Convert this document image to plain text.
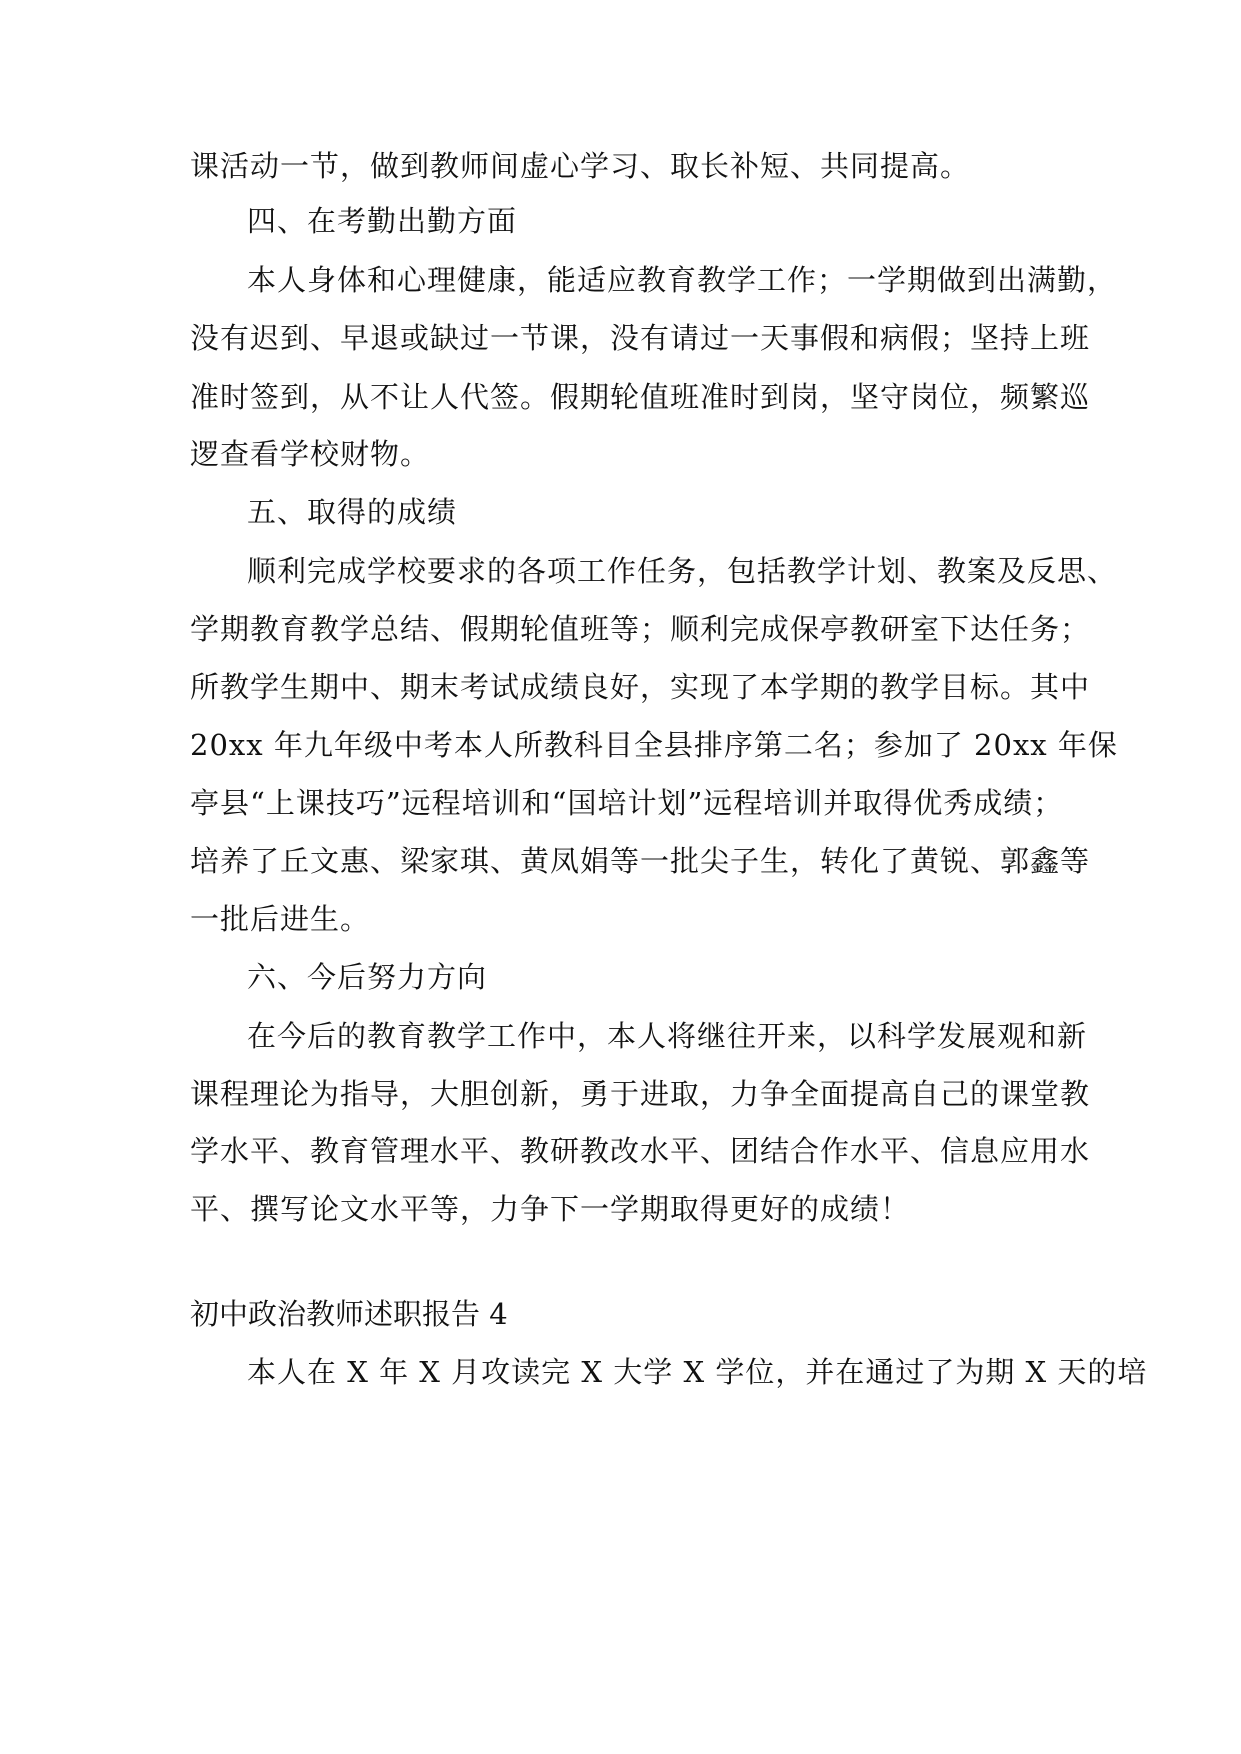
课活动一节，做到教师间虚心学习、取长补短、共同提高。
四、在考勤出勤方面
本人身体和心理健康，能适应教育教学工作；一学期做到出满勤，
没有迟到、早退或缺过一节课，没有请过一天事假和病假；坚持上班
准时签到，从不让人代签。假期轮值班准时到岗，坚守岗位，频繁巡
逻查看学校财物。
五、取得的成绩
顺利完成学校要求的各项工作任务，包括教学计划、教案及反思、
学期教育教学总结、假期轮值班等；顺利完成保亭教研室下达任务；
所教学生期中、期末考试成绩良好，实现了本学期的教学目标。其中
20xx 年九年级中考本人所教科目全县排序第二名；参加了 20xx 年保
亭县“上课技巧”远程培训和“国培计划”远程培训并取得优秀成绩；
培养了丘文惠、梁家琪、黄凤娟等一批尖子生，转化了黄锐、郭鑫等
一批后进生。
六、今后努力方向
在今后的教育教学工作中，本人将继往开来，以科学发展观和新
课程理论为指导，大胆创新，勇于进取，力争全面提高自己的课堂教
学水平、教育管理水平、教研教改水平、团结合作水平、信息应用水
平、撰写论文水平等，力争下一学期取得更好的成绩！
初中政治教师述职报告 4
本人在 X 年 X 月攻读完 X 大学 X 学位，并在通过了为期 X 天的培
